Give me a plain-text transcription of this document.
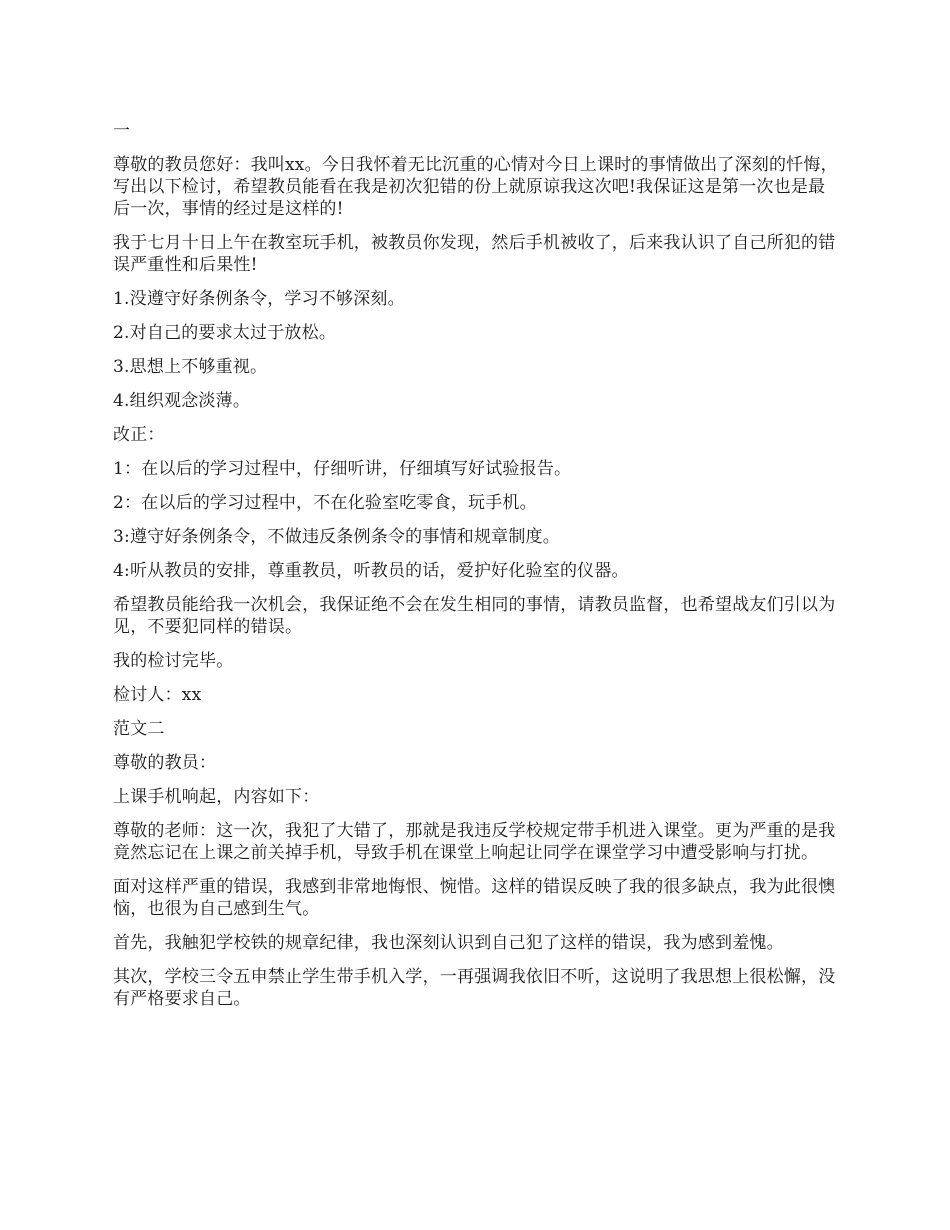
一

尊敬的教员您好：我叫xx。今日我怀着无比沉重的心情对今日上课时的事情做出了深刻的忏悔，写出以下检讨，希望教员能看在我是初次犯错的份上就原谅我这次吧!我保证这是第一次也是最后一次，事情的经过是这样的!

我于七月十日上午在教室玩手机，被教员你发现，然后手机被收了，后来我认识了自己所犯的错误严重性和后果性!

1.没遵守好条例条令，学习不够深刻。

2.对自己的要求太过于放松。

3.思想上不够重视。

4.组织观念淡薄。

改正：

1：在以后的学习过程中，仔细听讲，仔细填写好试验报告。

2：在以后的学习过程中，不在化验室吃零食，玩手机。

3:遵守好条例条令，不做违反条例条令的事情和规章制度。

4:听从教员的安排，尊重教员，听教员的话，爱护好化验室的仪器。

希望教员能给我一次机会，我保证绝不会在发生相同的事情，请教员监督，也希望战友们引以为见，不要犯同样的错误。

我的检讨完毕。

检讨人：xx

范文二

尊敬的教员：

上课手机响起，内容如下：

尊敬的老师：这一次，我犯了大错了，那就是我违反学校规定带手机进入课堂。更为严重的是我竟然忘记在上课之前关掉手机，导致手机在课堂上响起让同学在课堂学习中遭受影响与打扰。

面对这样严重的错误，我感到非常地悔恨、惋惜。这样的错误反映了我的很多缺点，我为此很懊恼，也很为自己感到生气。

首先，我触犯学校铁的规章纪律，我也深刻认识到自己犯了这样的错误，我为感到羞愧。

其次，学校三令五申禁止学生带手机入学，一再强调我依旧不听，这说明了我思想上很松懈，没有严格要求自己。
